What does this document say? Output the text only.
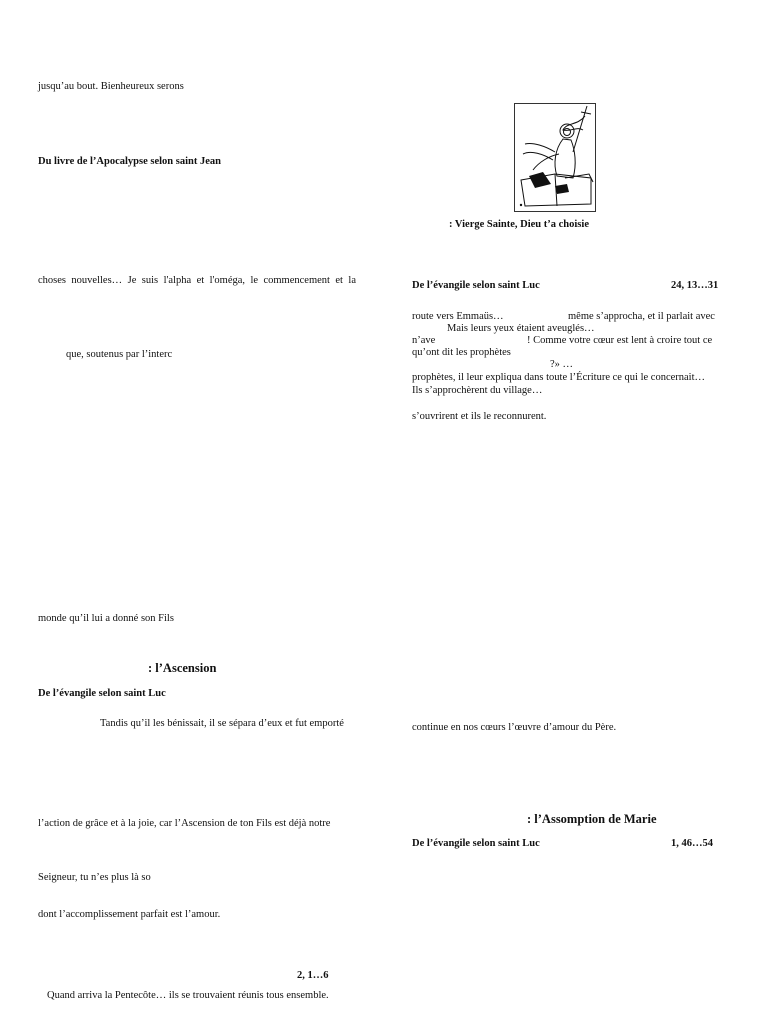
jusqu’au bout. Bienheureux serons
Du livre de l’Apocalypse selon saint Jean
choses nouvelles… Je suis l'alpha et l'oméga, le commencement et la
que, soutenus par l’interc
monde qu’il lui a donné son Fils
: l’Ascension
De l’évangile selon saint Luc
Tandis qu’il les bénissait, il se sépara d’eux et fut emporté
l’action de grâce et à la joie, car l’Ascension de ton Fils est déjà notre
Seigneur, tu n’es plus là so
dont l’accomplissement parfait est l’amour.
2, 1…6
Quand arriva la Pentecôte… ils se trouvaient réunis tous ensemble.
: Vierge Sainte, Dieu t’a choisie
De l’évangile selon saint Luc	24, 13…31
route vers Emmaüs…	même s’approcha, et il parlait avec
Mais leurs yeux étaient aveuglés…
n’ave	! Comme votre cœur est lent à croire tout ce
qu’ont dit les prophètes
?» …
prophètes, il leur expliqua dans toute l’Écriture ce qui le concernait…
Ils s’approchèrent du village…
s’ouvrirent et ils le reconnurent.
continue en nos cœurs l’œuvre d’amour du Père.
: l’Assomption de Marie
De l’évangile selon saint Luc	1, 46…54
